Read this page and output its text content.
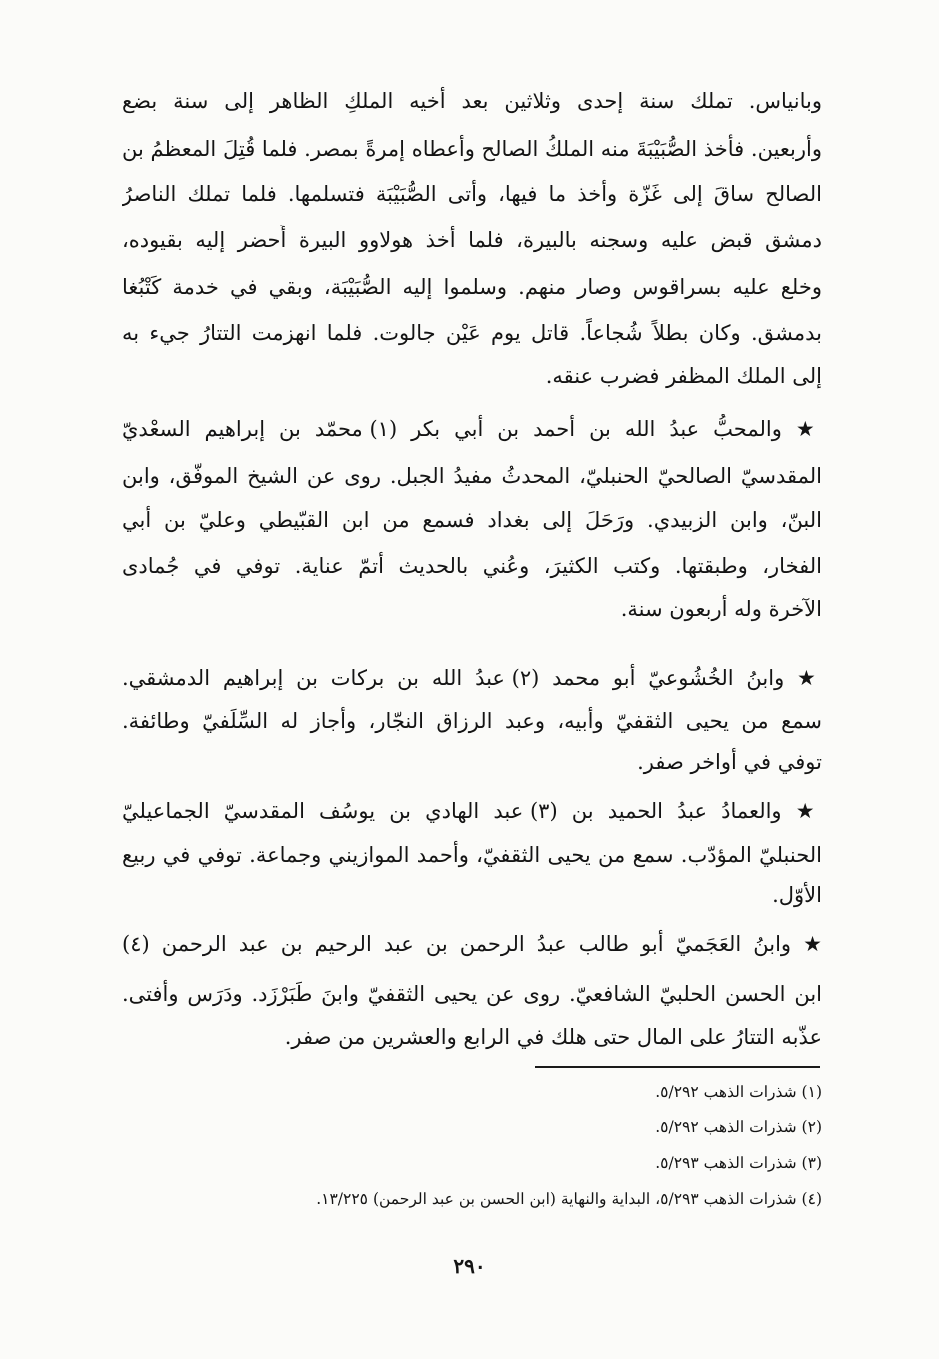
وبانياس. تملك سنة إحدى وثلاثين بعد أخيه الملكِ الظاهر إلى سنة بضع
وأربعين. فأخذ الصُّبَيْبَةَ منه الملكُ الصالح وأعطاه إمرةً بمصر. فلما قُتِلَ المعظمُ بن
الصالح ساقَ إلى غَزّة وأخذ ما فيها، وأتى الصُّبَيْبَة فتسلمها. فلما تملك الناصرُ
دمشق قبض عليه وسجنه بالبيرة، فلما أخذ هولاوو البيرة أُحضر إليه بقيوده،
وخلع عليه بسراقوس وصار منهم. وسلموا إليه الصُّبَيْبَة، وبقي في خدمة كَتْبُغا
بدمشق. وكان بطلاً شُجاعاً. قاتل يوم عَيْن جالوت. فلما انهزمت التتارُ جيء به
إلى الملك المظفر فضرب عنقه.
★ والمحبُّ عبدُ الله بن أحمد بن أبي بكر (١) محمّد بن إبراهيم السعْديّ
المقدسيّ الصالحيّ الحنبليّ، المحدثُ مفيدُ الجبل. روى عن الشيخ الموفّق، وابن
البنّ، وابن الزبيدي. ورَحَلَ إلى بغداد فسمع من ابن القبّيطي وعليّ بن أبي
الفخار، وطبقتها. وكتب الكثيرَ، وعُني بالحديث أتمّ عناية. توفي في جُمادى
الآخرة وله أربعون سنة.
★ وابنُ الخُشُوعيّ أبو محمد (٢) عبدُ الله بن بركات بن إبراهيم الدمشقي.
سمع من يحيى الثقفيّ وأبيه، وعبد الرزاق النجّار، وأجاز له السِّلَفيّ وطائفة.
توفي في أواخر صفر.
★ والعمادُ عبدُ الحميد بن (٣) عبد الهادي بن يوسُف المقدسيّ الجماعيليّ
الحنبليّ المؤدّب. سمع من يحيى الثقفيّ، وأحمد الموازيني وجماعة. توفي في ربيع
الأوّل.
★ وابنُ العَجَميّ أبو طالب عبدُ الرحمن بن عبد الرحيم بن عبد الرحمن (٤)
ابن الحسن الحلبيّ الشافعيّ. روى عن يحيى الثقفيّ وابنَ طَبَرْزَد. ودَرَس وأفتى.
عذّبه التتارُ على المال حتى هلك في الرابع والعشرين من صفر.
(١) شذرات الذهب ٥/٢٩٢.
(٢) شذرات الذهب ٥/٢٩٢.
(٣) شذرات الذهب ٥/٢٩٣.
(٤) شذرات الذهب ٥/٢٩٣، البداية والنهاية (ابن الحسن بن عبد الرحمن) ١٣/٢٢٥.
٢٩٠
